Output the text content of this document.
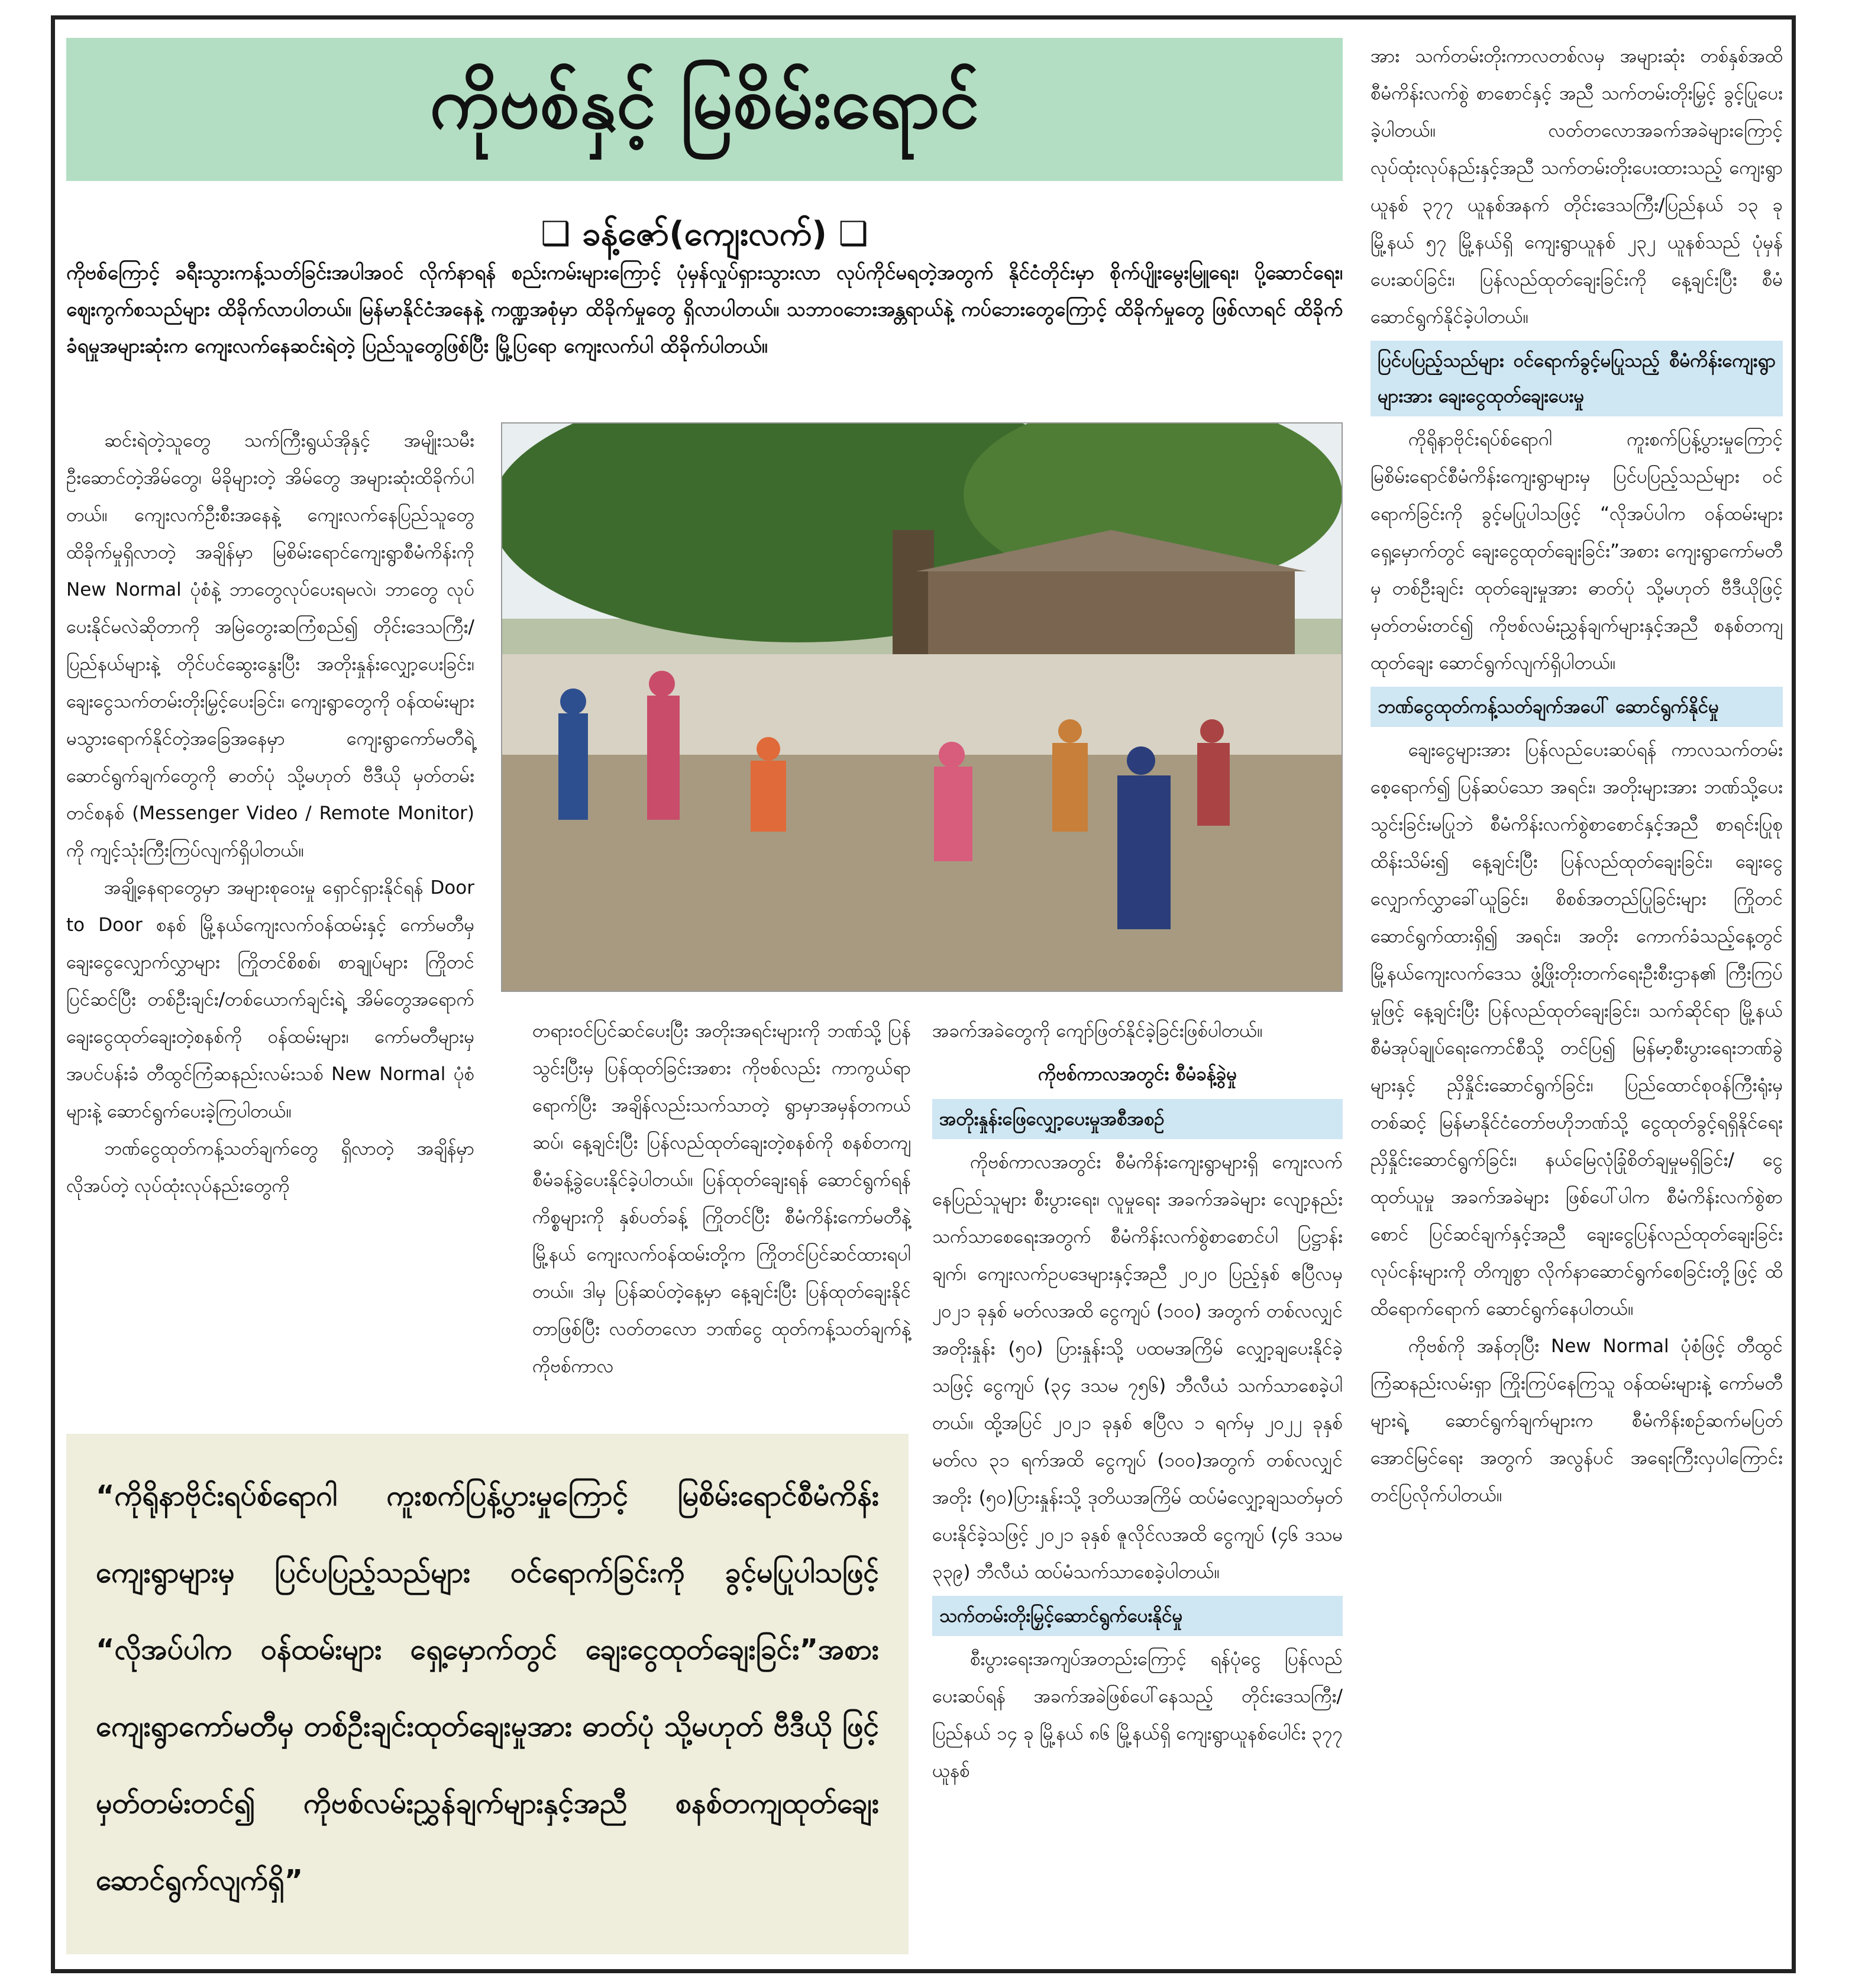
ကိုဗစ်နှင့် မြစိမ်းရောင်
❑ ခန့်ဇော်(ကျေးလက်) ❑
ကိုဗစ်ကြောင့် ခရီးသွားကန့်သတ်ခြင်းအပါအဝင် လိုက်နာရန် စည်းကမ်းများကြောင့် ပုံမှန်လှုပ်ရှားသွားလာ လုပ်ကိုင်မရတဲ့အတွက် နိုင်ငံတိုင်းမှာ စိုက်ပျိုးမွေးမြူရေး၊ ပို့ဆောင်ရေး၊ ဈေးကွက်စသည်များ ထိခိုက်လာပါတယ်။ မြန်မာနိုင်ငံအနေနဲ့ ကဏ္ဍအစုံမှာ ထိခိုက်မှုတွေ ရှိလာပါတယ်။ သဘာဝဘေးအန္တရာယ်နဲ့ ကပ်ဘေးတွေကြောင့် ထိခိုက်မှုတွေ ဖြစ်လာရင် ထိခိုက်ခံရမှုအများဆုံးက ကျေးလက်နေဆင်းရဲတဲ့ ပြည်သူတွေဖြစ်ပြီး မြို့ပြရော ကျေးလက်ပါ ထိခိုက်ပါတယ်။

ဆင်းရဲတဲ့သူတွေ သက်ကြီးရွယ်အိုနှင့် အမျိုးသမီး ဦးဆောင်တဲ့အိမ်တွေ၊ မိခိုများတဲ့ အိမ်တွေ အများဆုံးထိခိုက်ပါတယ်။ ကျေးလက်ဦးစီးအနေနဲ့ ကျေးလက်နေပြည်သူတွေ ထိခိုက်မှုရှိလာတဲ့ အချိန်မှာ မြစိမ်းရောင်ကျေးရွာစီမံကိန်းကို New Normal ပုံစံနဲ့ ဘာတွေလုပ်ပေးရမလဲ၊ ဘာတွေ လုပ်ပေးနိုင်မလဲဆိုတာကို အမြဲတွေးဆကြံစည်၍ တိုင်းဒေသကြီး/ပြည်နယ်များနဲ့ တိုင်ပင်ဆွေးနွေးပြီး အတိုးနှုန်းလျှော့ပေးခြင်း၊ ချေးငွေသက်တမ်းတိုးမြှင့်ပေးခြင်း၊ ကျေးရွာတွေကို ဝန်ထမ်းများ မသွားရောက်နိုင်တဲ့အခြေအနေမှာ ကျေးရွာကော်မတီရဲ့ ဆောင်ရွက်ချက်တွေကို ဓာတ်ပုံ သို့မဟုတ် ဗီဒီယို မှတ်တမ်းတင်စနစ် (Messenger Video / Remote Monitor) ကို ကျင့်သုံးကြီးကြပ်လျက်ရှိပါတယ်။

အချို့နေရာတွေမှာ အများစုဝေးမှု ရှောင်ရှားနိုင်ရန် Door to Door စနစ် မြို့နယ်ကျေးလက်ဝန်ထမ်းနှင့် ကော်မတီမှ ချေးငွေလျှောက်လွှာများ ကြိုတင်စိစစ်၊ စာချုပ်များ ကြိုတင်ပြင်ဆင်ပြီး တစ်ဦးချင်း/တစ်ယောက်ချင်းရဲ့ အိမ်တွေအရောက် ချေးငွေထုတ်ချေးတဲ့စနစ်ကို ဝန်ထမ်းများ၊ ကော်မတီများမှ အပင်ပန်းခံ တီထွင်ကြံဆနည်းလမ်းသစ် New Normal ပုံစံများနဲ့ ဆောင်ရွက်ပေးခဲ့ကြပါတယ်။

ဘဏ်ငွေထုတ်ကန့်သတ်ချက်တွေ ရှိလာတဲ့ အချိန်မှာ လိုအပ်တဲ့ လုပ်ထုံးလုပ်နည်းတွေကို

တရားဝင်ပြင်ဆင်ပေးပြီး အတိုးအရင်းများကို ဘဏ်သို့ ပြန်သွင်းပြီးမှ ပြန်ထုတ်ခြင်းအစား ကိုဗစ်လည်း ကာကွယ်ရာရောက်ပြီး အချိန်လည်းသက်သာတဲ့ ရွာမှာအမှန်တကယ် ဆပ်၊ နေ့ချင်းပြီး ပြန်လည်ထုတ်ချေးတဲ့စနစ်ကို စနစ်တကျ စီမံခန့်ခွဲပေးနိုင်ခဲ့ပါတယ်။ ပြန်ထုတ်ချေးရန် ဆောင်ရွက်ရန်ကိစ္စများကို နှစ်ပတ်ခန့် ကြိုတင်ပြီး စီမံကိန်းကော်မတီနဲ့ မြို့နယ် ကျေးလက်ဝန်ထမ်းတို့က ကြိုတင်ပြင်ဆင်ထားရပါတယ်။ ဒါမှ ပြန်ဆပ်တဲ့နေ့မှာ နေ့ချင်းပြီး ပြန်ထုတ်ချေးနိုင်တာဖြစ်ပြီး လတ်တလော ဘဏ်ငွေ ထုတ်ကန့်သတ်ချက်နဲ့ ကိုဗစ်ကာလ

အခက်အခဲတွေကို ကျော်ဖြတ်နိုင်ခဲ့ခြင်းဖြစ်ပါတယ်။

ကိုဗစ်ကာလအတွင်း စီမံခန့်ခွဲမှု
အတိုးနှုန်းဖြေလျှော့ပေးမှုအစီအစဉ်

ကိုဗစ်ကာလအတွင်း စီမံကိန်းကျေးရွာများရှိ ကျေးလက်နေပြည်သူများ စီးပွားရေး၊ လူမှုရေး အခက်အခဲများ လျော့နည်းသက်သာစေရေးအတွက် စီမံကိန်းလက်စွဲစာစောင်ပါ ပြဋ္ဌာန်းချက်၊ ကျေးလက်ဥပဒေများနှင့်အညီ ၂၀၂၀ ပြည့်နှစ် ဧပြီလမှ ၂၀၂၁ ခုနှစ် မတ်လအထိ ငွေကျပ် (၁၀၀) အတွက် တစ်လလျှင် အတိုးနှုန်း (၅၀) ပြားနှုန်းသို့ ပထမအကြိမ် လျှော့ချပေးနိုင်ခဲ့သဖြင့် ငွေကျပ် (၃၄ ဒသမ ၇၅၆) ဘီလီယံ သက်သာစေခဲ့ပါတယ်။ ထို့အပြင် ၂၀၂၁ ခုနှစ် ဧပြီလ ၁ ရက်မှ ၂၀၂၂ ခုနှစ် မတ်လ ၃၁ ရက်အထိ ငွေကျပ် (၁၀၀)အတွက် တစ်လလျှင် အတိုး (၅၀)ပြားနှုန်းသို့ ဒုတိယအကြိမ် ထပ်မံလျှော့ချသတ်မှတ်ပေးနိုင်ခဲ့သဖြင့် ၂၀၂၁ ခုနှစ် ဇူလိုင်လအထိ ငွေကျပ် (၄၆ ဒသမ ၃၃၉) ဘီလီယံ ထပ်မံသက်သာစေခဲ့ပါတယ်။

သက်တမ်းတိုးမြှင့်ဆောင်ရွက်ပေးနိုင်မှု

စီးပွားရေးအကျပ်အတည်းကြောင့် ရန်ပုံငွေ ပြန်လည်ပေးဆပ်ရန် အခက်အခဲဖြစ်ပေါ်နေသည့် တိုင်းဒေသကြီး/ ပြည်နယ် ၁၄ ခု မြို့နယ် ၈၆ မြို့နယ်ရှိ ကျေးရွာယူနစ်ပေါင်း ၃၇၇ ယူနစ်

အား သက်တမ်းတိုးကာလတစ်လမှ အများဆုံး တစ်နှစ်အထိ စီမံကိန်းလက်စွဲ စာစောင်နှင့် အညီ သက်တမ်းတိုးမြှင့် ခွင့်ပြုပေးခဲ့ပါတယ်။ လတ်တလောအခက်အခဲများကြောင့် လုပ်ထုံးလုပ်နည်းနှင့်အညီ သက်တမ်းတိုးပေးထားသည့် ကျေးရွာယူနစ် ၃၇၇ ယူနစ်အနက် တိုင်းဒေသကြီး/ပြည်နယ် ၁၃ ခု မြို့နယ် ၅၇ မြို့နယ်ရှိ ကျေးရွာယူနစ် ၂၃၂ ယူနစ်သည် ပုံမှန်ပေးဆပ်ခြင်း၊ ပြန်လည်ထုတ်ချေးခြင်းကို နေ့ချင်းပြီး စီမံဆောင်ရွက်နိုင်ခဲ့ပါတယ်။

ပြင်ပပြည့်သည်များ ဝင်ရောက်ခွင့်မပြုသည့် စီမံကိန်းကျေးရွာများအား ချေးငွေထုတ်ချေးပေးမှု

ကိုရိုနာဗိုင်းရပ်စ်ရောဂါ ကူးစက်ပြန့်ပွားမှုကြောင့် မြစိမ်းရောင်စီမံကိန်းကျေးရွာများမှ ပြင်ပပြည့်သည်များ ဝင်ရောက်ခြင်းကို ခွင့်မပြုပါသဖြင့် “လိုအပ်ပါက ဝန်ထမ်းများ ရှေ့မှောက်တွင် ချေးငွေထုတ်ချေးခြင်း”အစား ကျေးရွာကော်မတီမှ တစ်ဦးချင်း ထုတ်ချေးမှုအား ဓာတ်ပုံ သို့မဟုတ် ဗီဒီယိုဖြင့် မှတ်တမ်းတင်၍ ကိုဗစ်လမ်းညွှန်ချက်များနှင့်အညီ စနစ်တကျထုတ်ချေး ဆောင်ရွက်လျက်ရှိပါတယ်။

ဘဏ်ငွေထုတ်ကန့်သတ်ချက်အပေါ် ဆောင်ရွက်နိုင်မှု

ချေးငွေများအား ပြန်လည်ပေးဆပ်ရန် ကာလသက်တမ်းစေ့ရောက်၍ ပြန်ဆပ်သော အရင်း၊ အတိုးများအား ဘဏ်သို့ပေးသွင်းခြင်းမပြုဘဲ စီမံကိန်းလက်စွဲစာစောင်နှင့်အညီ စာရင်းပြုစုထိန်းသိမ်း၍ နေ့ချင်းပြီး ပြန်လည်ထုတ်ချေးခြင်း၊ ချေးငွေလျှောက်လွှာခေါ်ယူခြင်း၊ စိစစ်အတည်ပြုခြင်းများ ကြိုတင်ဆောင်ရွက်ထားရှိ၍ အရင်း၊ အတိုး ကောက်ခံသည့်နေ့တွင် မြို့နယ်ကျေးလက်ဒေသ ဖွံ့ဖြိုးတိုးတက်ရေးဦးစီးဌာန၏ ကြီးကြပ်မှုဖြင့် နေ့ချင်းပြီး ပြန်လည်ထုတ်ချေးခြင်း၊ သက်ဆိုင်ရာ မြို့နယ်စီမံအုပ်ချုပ်ရေးကောင်စီသို့ တင်ပြ၍ မြန်မာ့စီးပွားရေးဘဏ်ခွဲများနှင့် ညှိနှိုင်းဆောင်ရွက်ခြင်း၊ ပြည်ထောင်စုဝန်ကြီးရုံးမှတစ်ဆင့် မြန်မာနိုင်ငံတော်ဗဟိုဘဏ်သို့ ငွေထုတ်ခွင့်ရရှိနိုင်ရေး ညှိနှိုင်းဆောင်ရွက်ခြင်း၊ နယ်မြေလုံခြုံစိတ်ချမှုမရှိခြင်း/ ငွေထုတ်ယူမှု အခက်အခဲများ ဖြစ်ပေါ်ပါက စီမံကိန်းလက်စွဲစာစောင် ပြင်ဆင်ချက်နှင့်အညီ ချေးငွေပြန်လည်ထုတ်ချေးခြင်း လုပ်ငန်းများကို တိကျစွာ လိုက်နာဆောင်ရွက်စေခြင်းတို့ဖြင့် ထိထိရောက်ရောက် ဆောင်ရွက်နေပါတယ်။

ကိုဗစ်ကို အန်တုပြီး New Normal ပုံစံဖြင့် တီထွင်ကြံဆနည်းလမ်းရှာ ကြိုးကြပ်နေကြသူ ဝန်ထမ်းများနဲ့ ကော်မတီများရဲ့ ဆောင်ရွက်ချက်များက စီမံကိန်းစဉ်ဆက်မပြတ် အောင်မြင်ရေး အတွက် အလွန်ပင် အရေးကြီးလှပါကြောင်း တင်ပြလိုက်ပါတယ်။

“ကိုရိုနာဗိုင်းရပ်စ်ရောဂါ ကူးစက်ပြန့်ပွားမှုကြောင့် မြစိမ်းရောင်စီမံကိန်း ကျေးရွာများမှ ပြင်ပပြည့်သည်များ ဝင်ရောက်ခြင်းကို ခွင့်မပြုပါသဖြင့် “လိုအပ်ပါက ဝန်ထမ်းများ ရှေ့မှောက်တွင် ချေးငွေထုတ်ချေးခြင်း”အစား ကျေးရွာကော်မတီမှ တစ်ဦးချင်းထုတ်ချေးမှုအား ဓာတ်ပုံ သို့မဟုတ် ဗီဒီယို ဖြင့် မှတ်တမ်းတင်၍ ကိုဗစ်လမ်းညွှန်ချက်များနှင့်အညီ စနစ်တကျထုတ်ချေး ဆောင်ရွက်လျက်ရှိ”
